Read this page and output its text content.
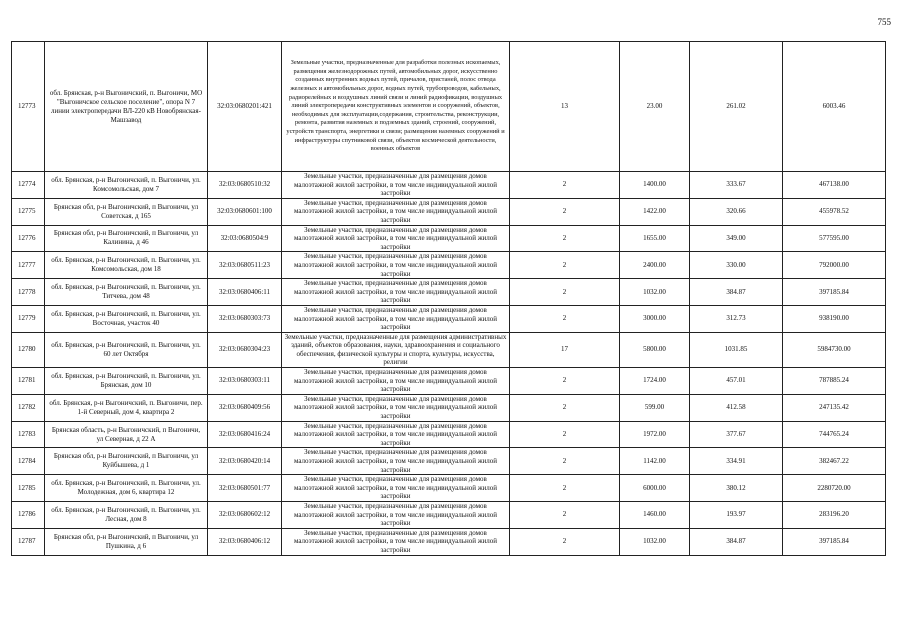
755
12773	обл. Брянская, р-н Выгоничский, п. Выгоничи, МО "Выгоничское сельское поселение", опора N 7 линии электропередачи ВЛ-220 кВ Новобрянская-Машзавод	32:03:0680201:421	Земельные участки, предназначенные для разработки полезных ископаемых, размещения железнодорожных путей, автомобильных дорог, искусственно созданных внутренних водных путей, причалов, пристаней, полос отвода железных и автомобильных дорог, водных путей, трубопроводов, кабельных, радиорелейных и воздушных линий связи и линий радиофикации, воздушных линий электропередачи конструктивных элементов и сооружений, объектов, необходимых для эксплуатации,содержания, строительства, реконструкции, ремонта, развития наземных и подземных зданий, строений, сооружений, устройств транспорта, энергетики и связи; размещения наземных сооружений и инфраструктуры спутниковой связи, объектов космической деятельности, военных объектов	13	23.00	261.02	6003.46
12774	обл. Брянская, р-н Выгоничский, п. Выгоничи, ул. Комсомольская, дом 7	32:03:0680510:32	Земельные участки, предназначенные для размещения домов малоэтажной жилой застройки, в том числе индивидуальной жилой застройки	2	1400.00	333.67	467138.00
12775	Брянская обл, р-н Выгоничский, п Выгоничи, ул Советская, д 165	32:03:0680601:100	Земельные участки, предназначенные для размещения домов малоэтажной жилой застройки, в том числе индивидуальной жилой застройки	2	1422.00	320.66	455978.52
12776	Брянская обл, р-н Выгоничский, п Выгоничи, ул Калинина, д 46	32:03:0680504:9	Земельные участки, предназначенные для размещения домов малоэтажной жилой застройки, в том числе индивидуальной жилой застройки	2	1655.00	349.00	577595.00
12777	обл. Брянская, р-н Выгоничский, п. Выгоничи, ул. Комсомольская, дом 18	32:03:0680511:23	Земельные участки, предназначенные для размещения домов малоэтажной жилой застройки, в том числе индивидуальной жилой застройки	2	2400.00	330.00	792000.00
12778	обл. Брянская, р-н Выгоничский, п. Выгоничи, ул. Титчева, дом 48	32:03:0680406:11	Земельные участки, предназначенные для размещения домов малоэтажной жилой застройки, в том числе индивидуальной жилой застройки	2	1032.00	384.87	397185.84
12779	обл. Брянская, р-н Выгоничский, п. Выгоничи, ул. Восточная, участок 40	32:03:0680303:73	Земельные участки, предназначенные для размещения домов малоэтажной жилой застройки, в том числе индивидуальной жилой застройки	2	3000.00	312.73	938190.00
12780	обл. Брянская, р-н Выгоничский, п. Выгоничи, ул. 60 лет Октября	32:03:0680304:23	Земельные участки, предназначенные для размещения административных зданий, объектов образования, науки, здравоохранения и социального обеспечения, физической культуры и спорта, культуры, искусства, религии	17	5800.00	1031.85	5984730.00
12781	обл. Брянская, р-н Выгоничский, п. Выгоничи, ул. Брянская, дом 10	32:03:0680303:11	Земельные участки, предназначенные для размещения домов малоэтажной жилой застройки, в том числе индивидуальной жилой застройки	2	1724.00	457.01	787885.24
12782	обл. Брянская, р-н Выгоничский, п. Выгоничи, пер. 1-й Северный, дом 4, квартира 2	32:03:0680409:56	Земельные участки, предназначенные для размещения домов малоэтажной жилой застройки, в том числе индивидуальной жилой застройки	2	599.00	412.58	247135.42
12783	Брянская область, р-н Выгоничский, п Выгоничи, ул Северная, д 22 А	32:03:0680416:24	Земельные участки, предназначенные для размещения домов малоэтажной жилой застройки, в том числе индивидуальной жилой застройки	2	1972.00	377.67	744765.24
12784	Брянская обл, р-н Выгоничский, п Выгоничи, ул Куйбышева, д 1	32:03:0680420:14	Земельные участки, предназначенные для размещения домов малоэтажной жилой застройки, в том числе индивидуальной жилой застройки	2	1142.00	334.91	382467.22
12785	обл. Брянская, р-н Выгоничский, п. Выгоничи, ул. Молодежная, дом 6, квартира 12	32:03:0680501:77	Земельные участки, предназначенные для размещения домов малоэтажной жилой застройки, в том числе индивидуальной жилой застройки	2	6000.00	380.12	2280720.00
12786	обл. Брянская, р-н Выгоничский, п. Выгоничи, ул. Лесная, дом 8	32:03:0680602:12	Земельные участки, предназначенные для размещения домов малоэтажной жилой застройки, в том числе индивидуальной жилой застройки	2	1460.00	193.97	283196.20
12787	Брянская обл, р-н Выгоничский, п Выгоничи, ул Пушкина, д 6	32:03:0680406:12	Земельные участки, предназначенные для размещения домов малоэтажной жилой застройки, в том числе индивидуальной жилой застройки	2	1032.00	384.87	397185.84
